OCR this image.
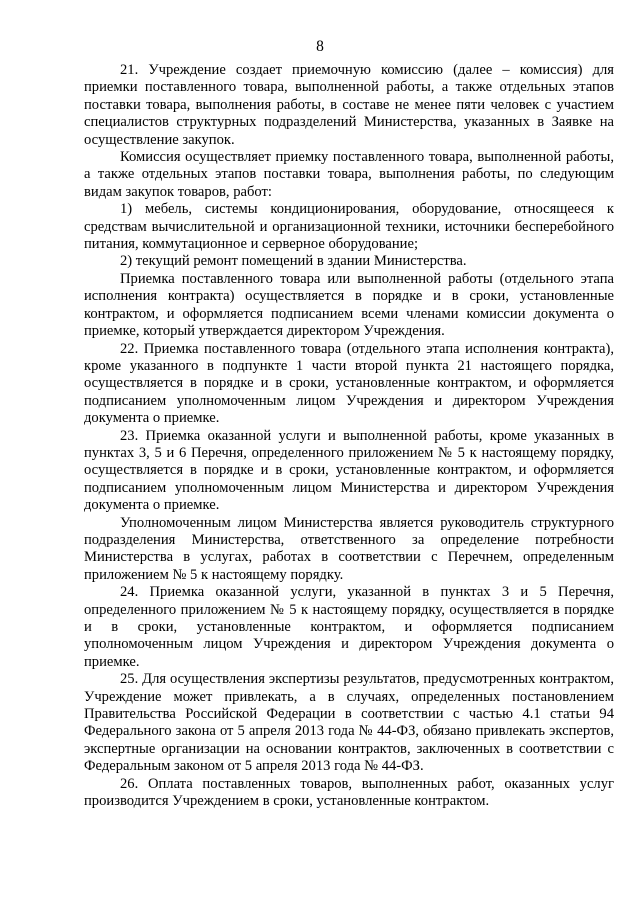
8

21. Учреждение создает приемочную комиссию (далее – комиссия) для приемки поставленного товара, выполненной работы, а также отдельных этапов поставки товара, выполнения работы, в составе не менее пяти человек с участием специалистов структурных подразделений Министерства, указанных в Заявке на осуществление закупок.

Комиссия осуществляет приемку поставленного товара, выполненной работы, а также отдельных этапов поставки товара, выполнения работы, по следующим видам закупок товаров, работ:

1) мебель, системы кондиционирования, оборудование, относящееся к средствам вычислительной и организационной техники, источники бесперебойного питания, коммутационное и серверное оборудование;

2) текущий ремонт помещений в здании Министерства.

Приемка поставленного товара или выполненной работы (отдельного этапа исполнения контракта) осуществляется в порядке и в сроки, установленные контрактом, и оформляется подписанием всеми членами комиссии документа о приемке, который утверждается директором Учреждения.

22. Приемка поставленного товара (отдельного этапа исполнения контракта), кроме указанного в подпункте 1 части второй пункта 21 настоящего порядка, осуществляется в порядке и в сроки, установленные контрактом, и оформляется подписанием уполномоченным лицом Учреждения и директором Учреждения документа о приемке.

23. Приемка оказанной услуги и выполненной работы, кроме указанных в пунктах 3, 5 и 6 Перечня, определенного приложением № 5 к настоящему порядку, осуществляется в порядке и в сроки, установленные контрактом, и оформляется подписанием уполномоченным лицом Министерства и директором Учреждения документа о приемке.

Уполномоченным лицом Министерства является руководитель структурного подразделения Министерства, ответственного за определение потребности Министерства в услугах, работах в соответствии с Перечнем, определенным приложением № 5 к настоящему порядку.

24. Приемка оказанной услуги, указанной в пунктах 3 и 5 Перечня, определенного приложением № 5 к настоящему порядку, осуществляется в порядке и в сроки, установленные контрактом, и оформляется подписанием уполномоченным лицом Учреждения и директором Учреждения документа о приемке.

25. Для осуществления экспертизы результатов, предусмотренных контрактом, Учреждение может привлекать, а в случаях, определенных постановлением Правительства Российской Федерации в соответствии с частью 4.1 статьи 94 Федерального закона от 5 апреля 2013 года № 44-ФЗ, обязано привлекать экспертов, экспертные организации на основании контрактов, заключенных в соответствии с Федеральным законом от 5 апреля 2013 года № 44-ФЗ.

26. Оплата поставленных товаров, выполненных работ, оказанных услуг производится Учреждением в сроки, установленные контрактом.
